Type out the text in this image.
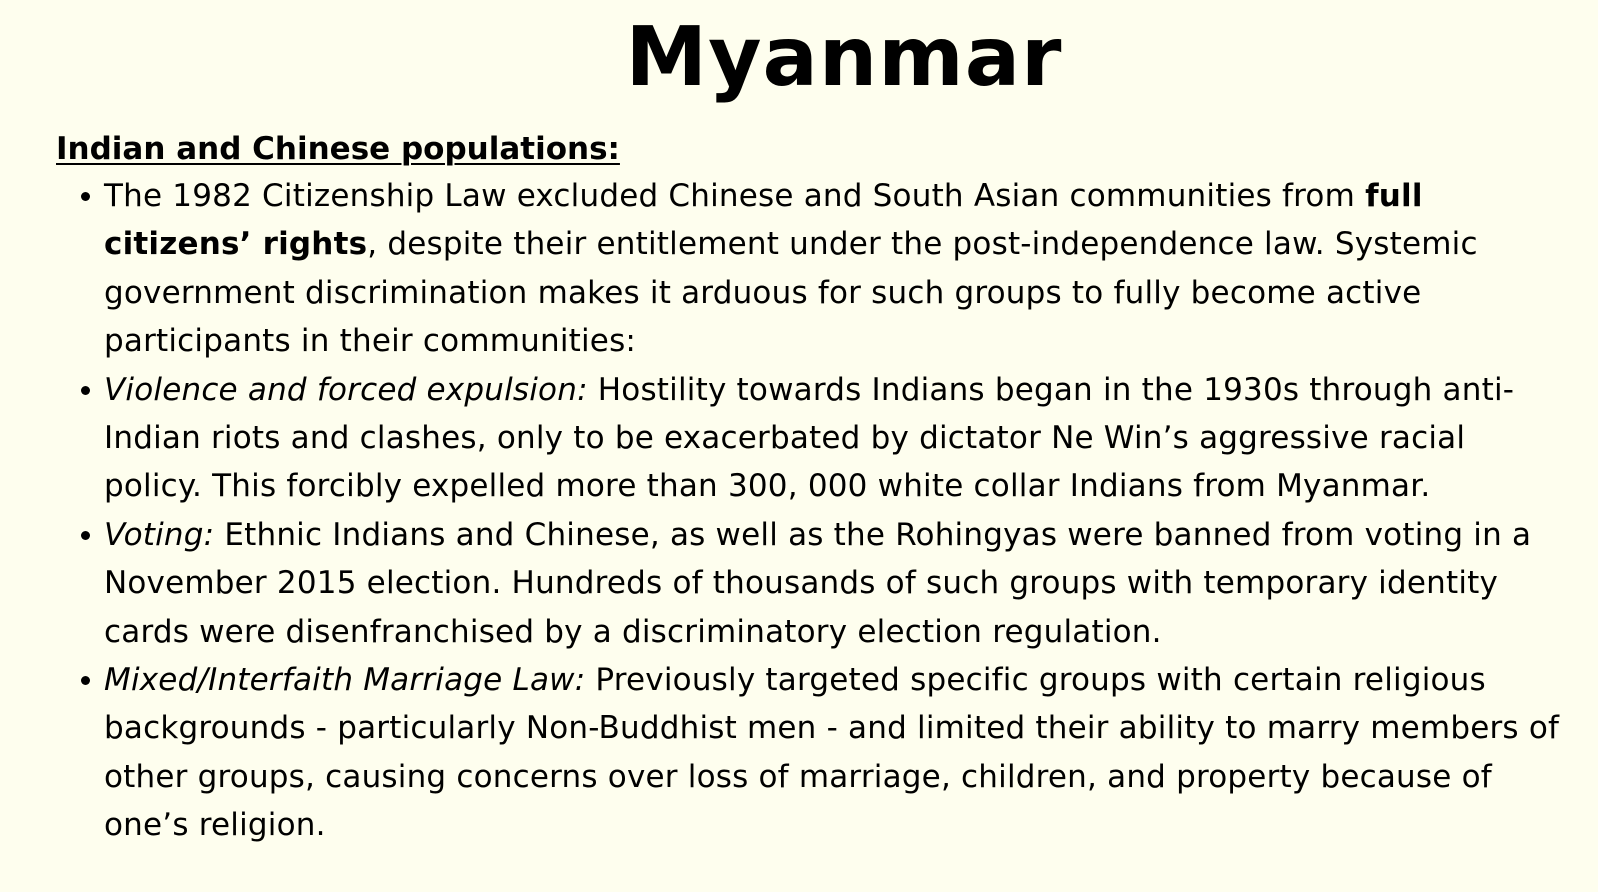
Myanmar
Indian and Chinese populations:
The 1982 Citizenship Law excluded Chinese and South Asian communities from full citizens’ rights, despite their entitlement under the post-independence law. Systemic government discrimination makes it arduous for such groups to fully become active participants in their communities:
Violence and forced expulsion: Hostility towards Indians began in the 1930s through anti-Indian riots and clashes, only to be exacerbated by dictator Ne Win’s aggressive racial policy. This forcibly expelled more than 300, 000 white collar Indians from Myanmar.
Voting: Ethnic Indians and Chinese, as well as the Rohingyas were banned from voting in a November 2015 election. Hundreds of thousands of such groups with temporary identity cards were disenfranchised by a discriminatory election regulation.
Mixed/Interfaith Marriage Law: Previously targeted specific groups with certain religious backgrounds - particularly Non-Buddhist men - and limited their ability to marry members of other groups, causing concerns over loss of marriage, children, and property because of one’s religion.
